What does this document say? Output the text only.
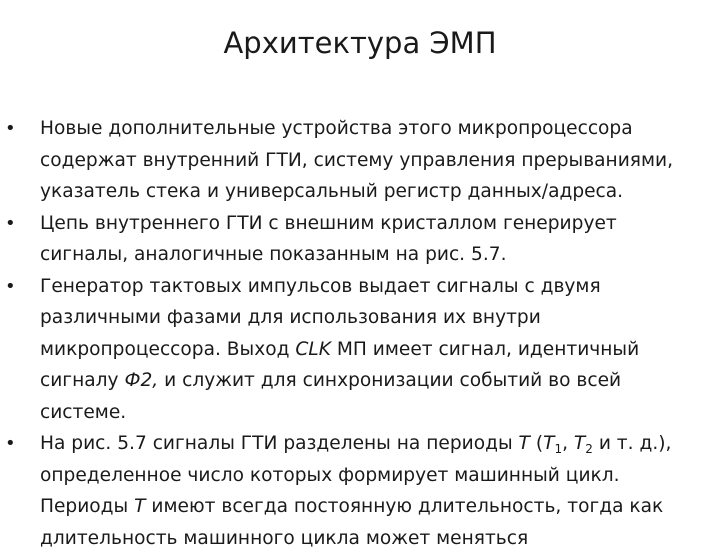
Архитектура ЭМП
• Новые дополнительные устройства этого микропроцессора содержат внутренний ГТИ, систему управления прерываниями, указатель стека и универсальный регистр данных/адреса.
• Цепь внутреннего ГТИ с внешним кристаллом генерирует сигналы, аналогичные показанным на рис. 5.7.
• Генератор тактовых импульсов выдает сигналы с двумя различными фазами для использования их внутри микропроцессора. Выход CLK МП имеет сигнал, идентичный сигналу Ф2, и служит для синхронизации событий во всей системе.
• На рис. 5.7 сигналы ГТИ разделены на периоды Т ($Т_1$, $Т_2$ и т. д.), определенное число которых формирует машинный цикл. Периоды Т имеют всегда постоянную длительность, тогда как длительность машинного цикла может меняться
